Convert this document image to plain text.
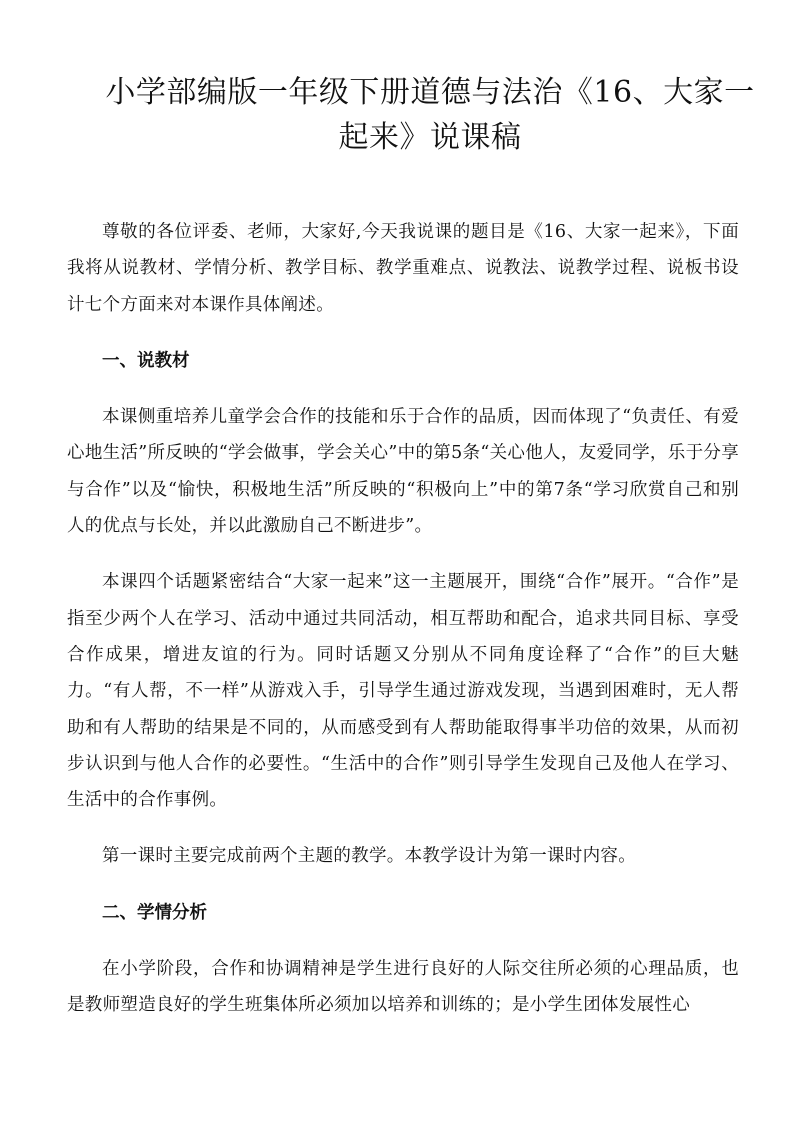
小学部编版一年级下册道德与法治《16、大家一起来》说课稿

尊敬的各位评委、老师，大家好,今天我说课的题目是《16、大家一起来》，下面我将从说教材、学情分析、教学目标、教学重难点、说教法、说教学过程、说板书设计七个方面来对本课作具体阐述。

一、说教材

本课侧重培养儿童学会合作的技能和乐于合作的品质，因而体现了“负责任、有爱心地生活”所反映的“学会做事，学会关心”中的第5条“关心他人，友爱同学，乐于分享与合作”以及“愉快，积极地生活”所反映的“积极向上”中的第7条“学习欣赏自己和别人的优点与长处，并以此激励自己不断进步”。

本课四个话题紧密结合“大家一起来”这一主题展开，围绕“合作”展开。“合作”是指至少两个人在学习、活动中通过共同活动，相互帮助和配合，追求共同目标、享受合作成果，增进友谊的行为。同时话题又分别从不同角度诠释了“合作”的巨大魅力。“有人帮，不一样”从游戏入手，引导学生通过游戏发现，当遇到困难时，无人帮助和有人帮助的结果是不同的，从而感受到有人帮助能取得事半功倍的效果，从而初步认识到与他人合作的必要性。“生活中的合作”则引导学生发现自己及他人在学习、生活中的合作事例。

第一课时主要完成前两个主题的教学。本教学设计为第一课时内容。

二、学情分析

在小学阶段，合作和协调精神是学生进行良好的人际交往所必须的心理品质，也是教师塑造良好的学生班集体所必须加以培养和训练的；是小学生团体发展性心
